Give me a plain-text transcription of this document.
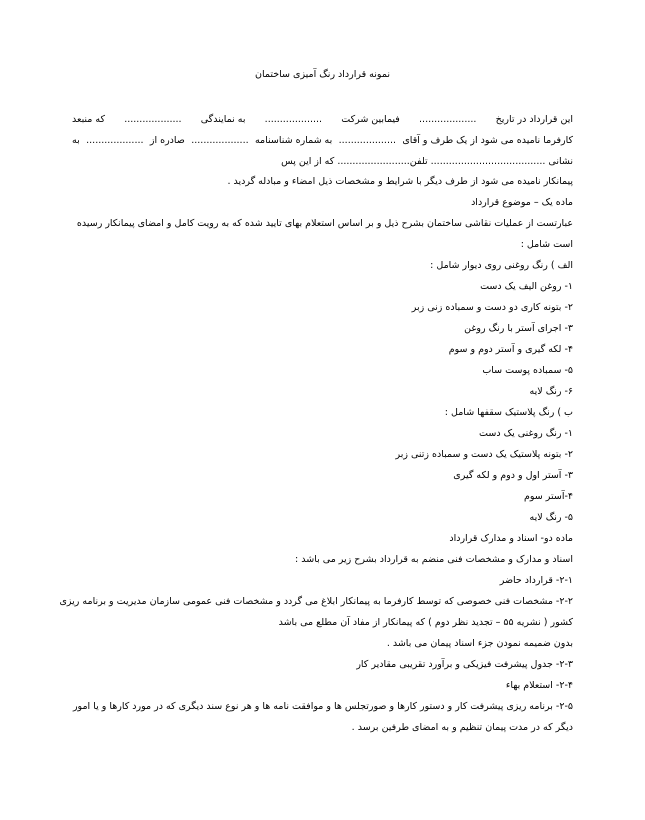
نمونه قرارداد رنگ آمیزی ساختمان
این قرارداد در تاریخ
...................
فیمابین شرکت
...................
به نمایندگی
...................
که منبعد
کارفرما نامیده می شود از یک طرف و آقای
...................
به شماره شناسنامه
...................
صادره از
...................
به
نشانی ...................................... تلفن........................ که از این پس
پیمانکار نامیده می شود از طرف دیگر با شرایط و مشخصات ذیل امضاء و مبادله گردید .
ماده یک – موضوع قرارداد
عبارتست از عملیات نقاشی ساختمان بشرح ذیل و بر اساس استعلام بهای تایید شده که به رویت کامل و امضای پیمانکار رسیده
است شامل :
الف ) رنگ روغنی روی دیوار شامل :
۱- روغن الیف یک دست
۲- بتونه کاری دو دست و سمباده زنی زبر
۳- اجرای آستر با رنگ روغن
۴- لکه گیری و آستر دوم و سوم
۵- سمباده پوست ساب
۶- رنگ لایه
ب ) رنگ پلاستیک سقفها شامل :
۱- رنگ روغنی یک دست
۲- بتونه پلاستیک یک دست و سمباده زتنی زبر
۳- آستر اول و دوم و لکه گیری
۴-آستر سوم
۵- رنگ لایه
ماده دو- اسناد و مدارک قرارداد
اسناد و مدارک و مشخصات فنی منضم به قرارداد بشرح زیر می باشد :
۲-۱- قرارداد حاضر
۲-۲- مشخصات فنی خصوصی که توسط کارفرما به پیمانکار ابلاغ می گردد و مشخصات فنی عمومی سازمان مدیریت و برنامه ریزی
کشور ( نشریه ۵۵ – تجدید نظر دوم ) که پیمانکار از مفاد آن مطلع می باشد
بدون ضمیمه نمودن جزء اسناد پیمان می باشد .
۲-۳- جدول پیشرفت فیزیکی و برآورد تقریبی مقادیر کار
۲-۴- استعلام بهاء
۲-۵- برنامه ریزی پیشرفت کار و دستور کارها و صورتجلس ها و موافقت نامه ها و هر نوع سند دیگری که در مورد کارها و یا امور
دیگر که در مدت پیمان تنظیم و به امضای طرفین برسد .
